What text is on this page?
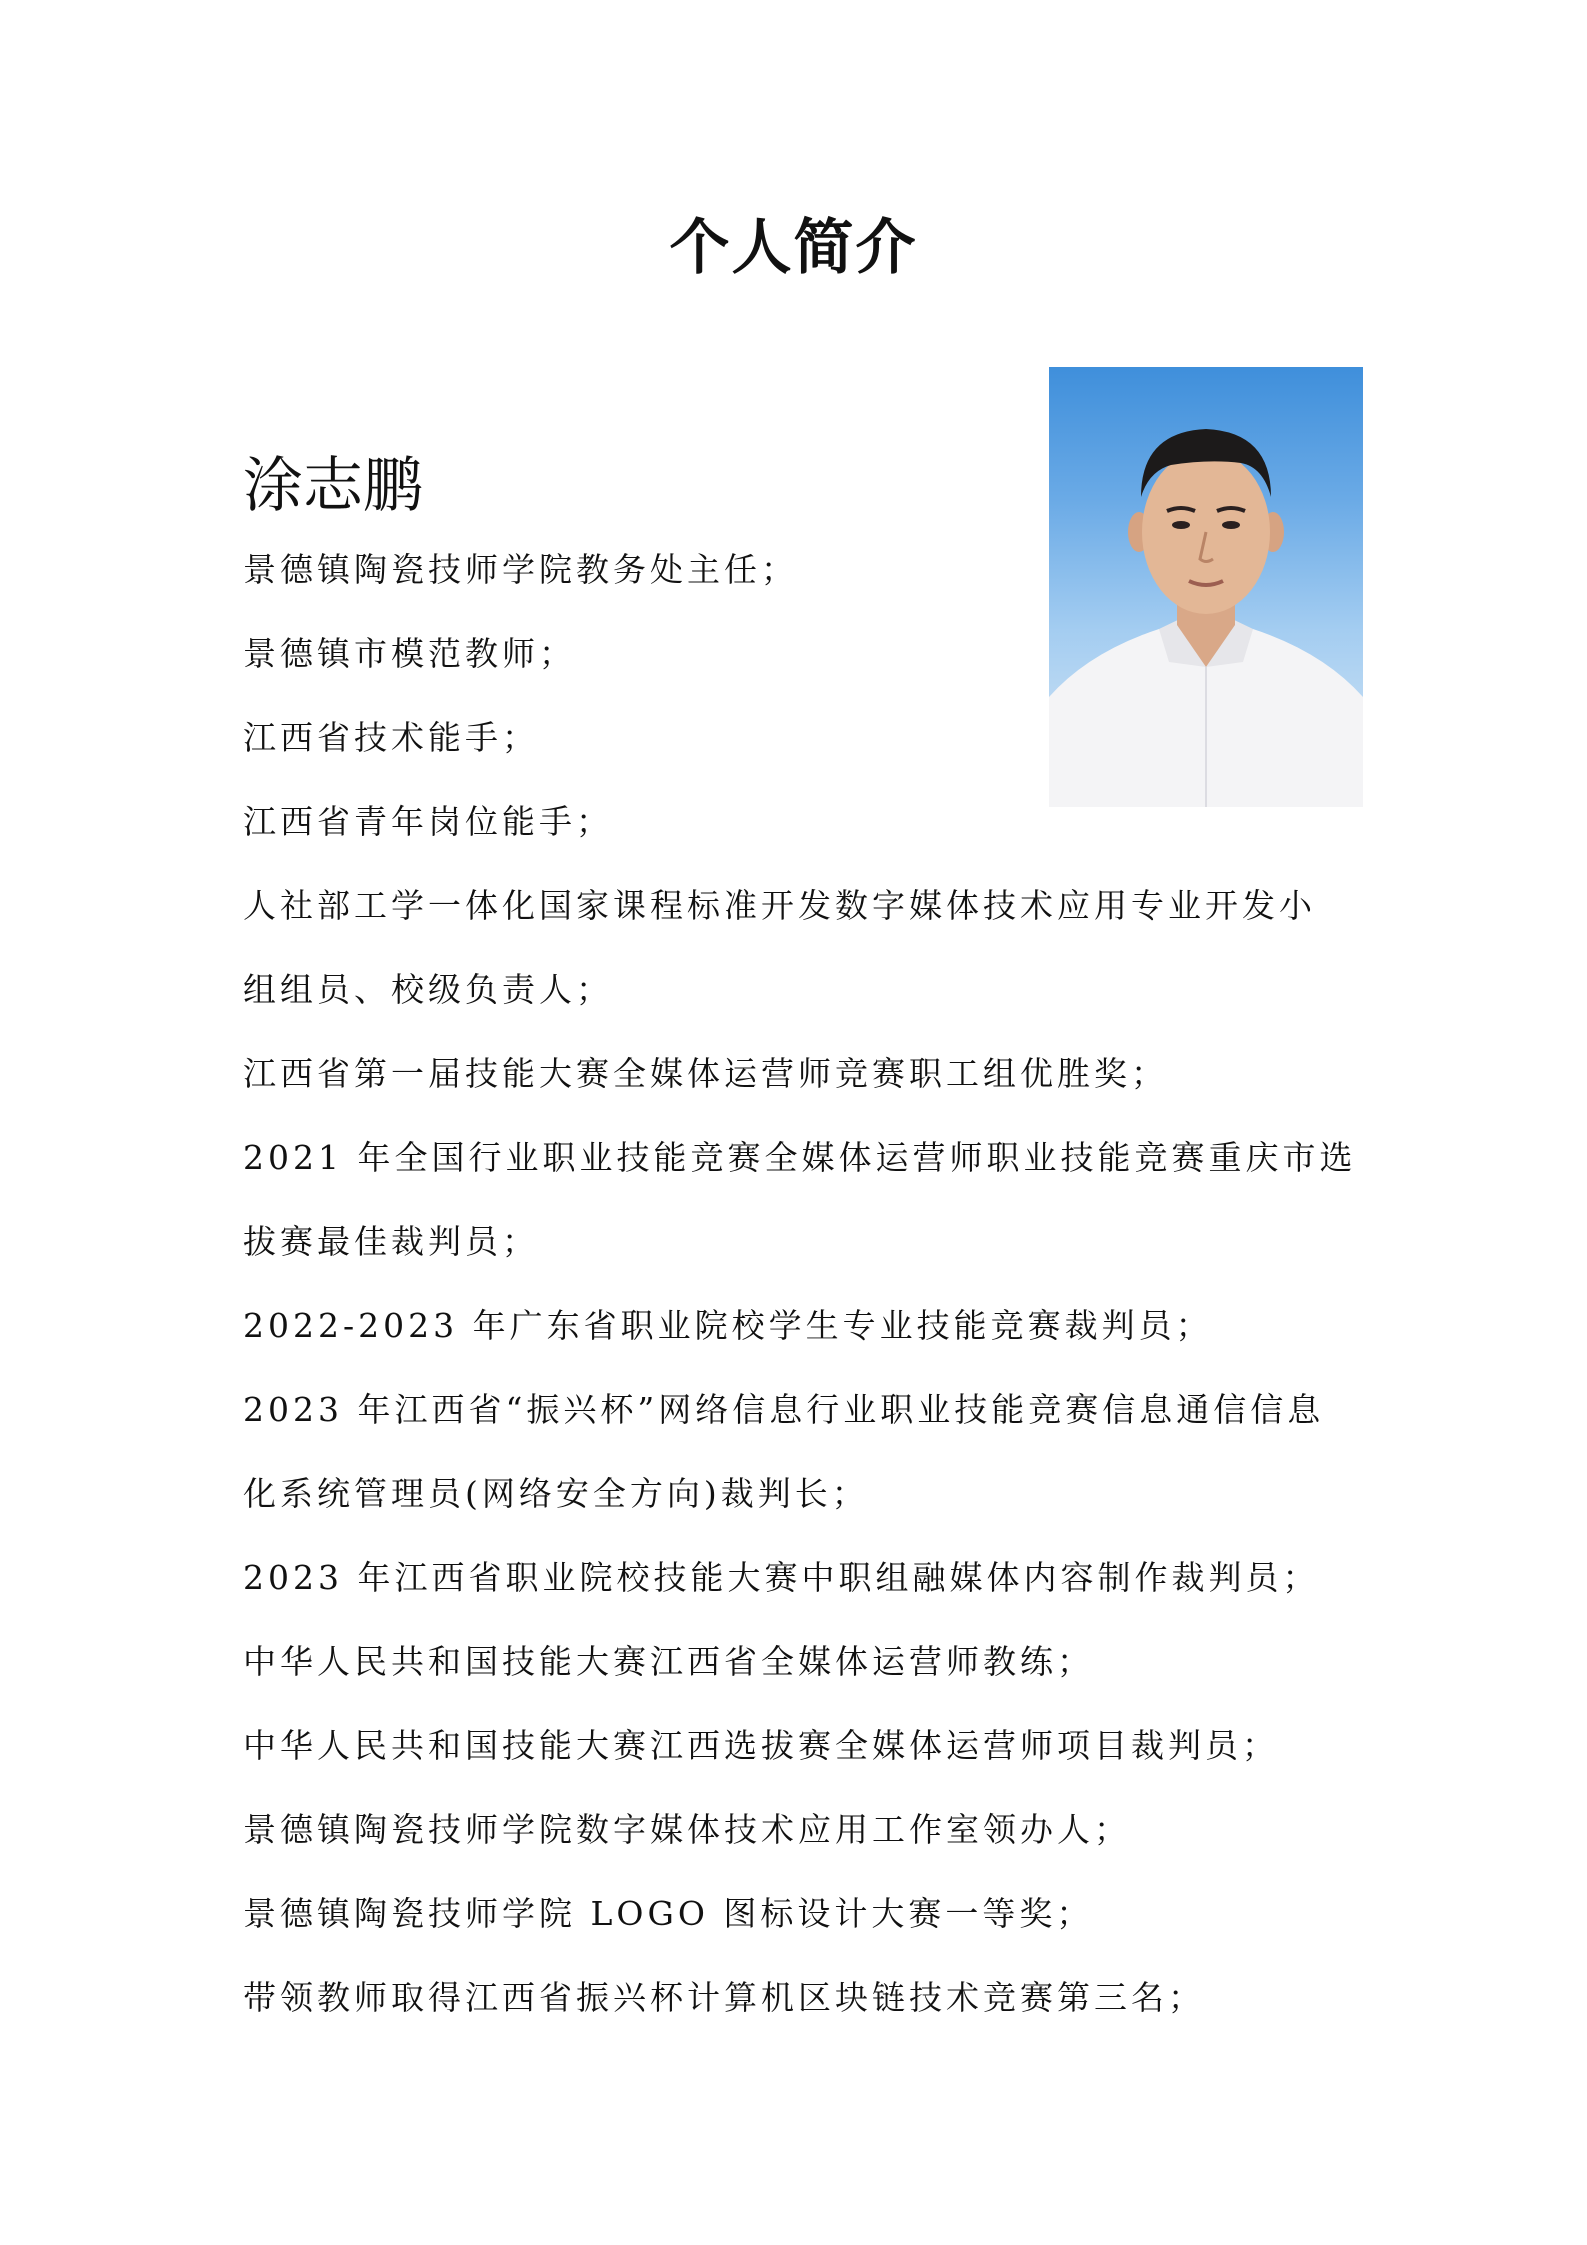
个人简介
涂志鹏
景德镇陶瓷技师学院教务处主任；
景德镇市模范教师；
江西省技术能手；
江西省青年岗位能手；
人社部工学一体化国家课程标准开发数字媒体技术应用专业开发小
组组员、校级负责人；
江西省第一届技能大赛全媒体运营师竞赛职工组优胜奖；
2021 年全国行业职业技能竞赛全媒体运营师职业技能竞赛重庆市选
拔赛最佳裁判员；
2022-2023 年广东省职业院校学生专业技能竞赛裁判员；
2023 年江西省“振兴杯”网络信息行业职业技能竞赛信息通信信息
化系统管理员(网络安全方向)裁判长；
2023 年江西省职业院校技能大赛中职组融媒体内容制作裁判员；
中华人民共和国技能大赛江西省全媒体运营师教练；
中华人民共和国技能大赛江西选拔赛全媒体运营师项目裁判员；
景德镇陶瓷技师学院数字媒体技术应用工作室领办人；
景德镇陶瓷技师学院 LOGO 图标设计大赛一等奖；
带领教师取得江西省振兴杯计算机区块链技术竞赛第三名；
